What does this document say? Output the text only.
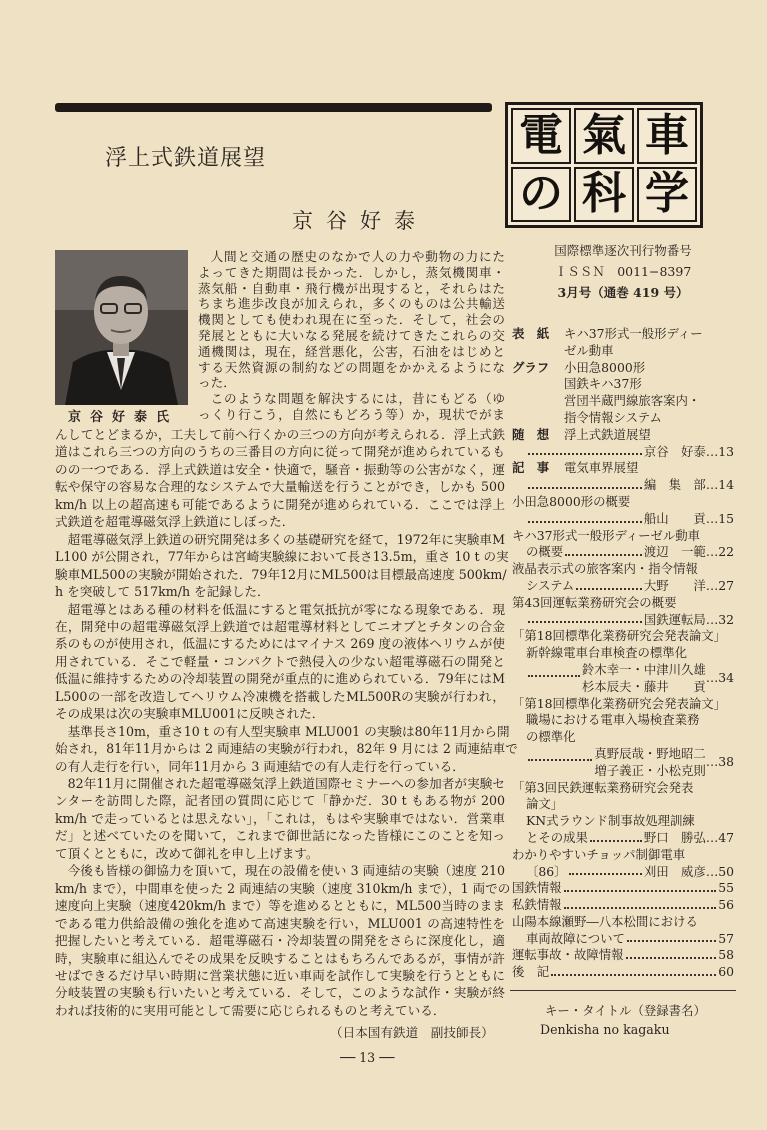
浮上式鉄道展望
京谷好泰
電 氣 車
の 科 学
京谷好泰氏
人間と交通の歴史のなかで人の力や動物の力にた
よってきた期間は長かった．しかし，蒸気機関車・
蒸気船・自動車・飛行機が出現すると，それらはた
ちまち進歩改良が加えられ，多くのものは公共輸送
機関としても使われ現在に至った．そして，社会の
発展とともに大いなる発展を続けてきたこれらの交
通機関は，現在，経営悪化，公害，石油をはじめと
する天然資源の制約などの問題をかかえるようにな
った．
このような問題を解決するには，昔にもどる（ゆ
っくり行こう，自然にもどろう等）か，現状でがま
んしてとどまるか，工夫して前へ行くかの三つの方向が考えられる．浮上式鉄
道はこれら三つの方向のうちの三番目の方向に従って開発が進められているも
のの一つである．浮上式鉄道は安全・快適で，騒音・振動等の公害がなく，運
転や保守の容易な合理的なシステムで大量輸送を行うことができ，しかも 500
km/h 以上の超高速も可能であるように開発が進められている．ここでは浮上
式鉄道を超電導磁気浮上鉄道にしぼった．
超電導磁気浮上鉄道の研究開発は多くの基礎研究を経て，1972年に実験車M
L100 が公開され，77年からは宮崎実験線において長さ13.5m，重さ 10 t の実
験車ML500の実験が開始された．79年12月にML500は目標最高速度 500km/
h を突破して 517km/h を記録した．
超電導とはある種の材料を低温にすると電気抵抗が零になる現象である．現
在，開発中の超電導磁気浮上鉄道では超電導材料としてニオブとチタンの合金
系のものが使用され，低温にするためにはマイナス 269 度の液体ヘリウムが使
用されている．そこで軽量・コンパクトで熱侵入の少ない超電導磁石の開発と
低温に維持するための冷却装置の開発が重点的に進められている．79年にはM
L500の一部を改造してヘリウム冷凍機を搭載したML500Rの実験が行われ，
その成果は次の実験車MLU001に反映された．
基準長さ10m，重さ10 t の有人型実験車 MLU001 の実験は80年11月から開
始され，81年11月からは 2 両連結の実験が行われ，82年 9 月には 2 両連結車で
の有人走行を行い，同年11月から 3 両連結での有人走行を行っている．
82年11月に開催された超電導磁気浮上鉄道国際セミナーへの参加者が実験セ
ンターを訪問した際，記者団の質問に応じて「静かだ．30 t もある物が 200
km/h で走っているとは思えない」，「これは，もはや実験車ではない．営業車
だ」と述べていたのを聞いて，これまで御世話になった皆様にこのことを知っ
て頂くとともに，改めて御礼を申し上げます。
今後も皆様の御協力を頂いて，現在の設備を使い 3 両連結の実験（速度 210
km/h まで），中間車を使った 2 両連結の実験（速度 310km/h まで），1 両での
速度向上実験（速度420km/h まで）等を進めるとともに，ML500当時のまま
である電力供給設備の強化を進めて高速実験を行い，MLU001 の高速特性を
把握したいと考えている．超電導磁石・冷却装置の開発をさらに深度化し，適
時，実験車に組込んでその成果を反映することはもちろんであるが，事情が許
せばできるだけ早い時期に営業状態に近い車両を試作して実験を行うとともに
分岐装置の実験も行いたいと考えている．そして，このような試作・実験が終
われば技術的に実用可能として需要に応じられるものと考えている．
（日本国有鉄道　副技師長）
── 13 ──
国際標準逐次刊行物番号
ＩＳＳＮ　0011−8397
3月号（通巻 419 号）
表　紙	キハ37形式一般形ディー
ゼル動車
グラフ	小田急8000形
国鉄キハ37形
営団半蔵門線旅客案内・
指令情報システム
随　想	浮上式鉄道展望
京谷　好泰 … 13
記　事	電気車界展望
編　集　部 … 14
小田急8000形の概要
船山　　貢 … 15
キハ37形式一般形ディーゼル動車
の概要	渡辺　一範 … 22
液晶表示式の旅客案内・指令情報
システム	大野　　洋 … 27
第43回運転業務研究会の概要
国鉄運転局 … 32
「第18回標準化業務研究会発表論文」
新幹線電車台車検査の標準化
鈴木幸一・中津川久雄
杉本辰夫・藤井　　貢
… 34
「第18回標準化業務研究会発表論文」
職場における電車入場検査業務
の標準化
真野辰哉・野地昭二
増子義正・小松克則
… 38
「第3回民鉄運転業務研究会発表
論文」
KN式ラウンド制事故処理訓練
とその成果	野口　勝弘 … 47
わかりやすいチョッパ制御電車
〔86〕	刈田　威彦 … 50
国鉄情報	55
私鉄情報	56
山陽本線瀬野―八本松間における
車両故障について	57
運転事故・故障情報	58
後　記	60
キー・タイトル（登録書名）
Denkisha no kagaku
